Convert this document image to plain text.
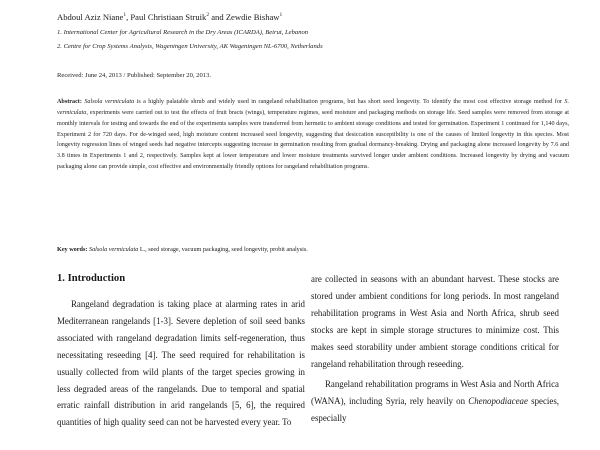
Abdoul Aziz Niane$^1$, Paul Christiaan Struik$^2$ and Zewdie Bishaw$^1$
1. International Center for Agricultural Research in the Dry Areas (ICARDA), Beirut, Lebanon
2. Centre for Crop Systems Analysis, Wageningen University, AK Wageningen NL-6700, Netherlands
Received: June 24, 2013 / Published: September 20, 2013.
Abstract: Salsola vermiculata is a highly palatable shrub and widely used in rangeland rehabilitation programs, but has short seed longevity. To identify the most cost effective storage method for S. vermiculata, experiments were carried out to test the effects of fruit bracts (wings), temperature regimes, seed moisture and packaging methods on storage life. Seed samples were removed from storage at monthly intervals for testing and towards the end of the experiments samples were transferred from hermetic to ambient storage conditions and tested for germination. Experiment 1 continued for 1,140 days, Experiment 2 for 720 days. For de-winged seed, high moisture content increased seed longevity, suggesting that desiccation susceptibility is one of the causes of limited longevity in this species. Most longevity regression lines of winged seeds had negative intercepts suggesting increase in germination resulting from gradual dormancy-breaking. Drying and packaging alone increased longevity by 7.6 and 3.8 times in Experiments 1 and 2, respectively. Samples kept at lower temperature and lower moisture treatments survived longer under ambient conditions. Increased longevity by drying and vacuum packaging alone can provide simple, cost effective and environmentally friendly options for rangeland rehabilitation programs.
Key words: Salsola vermiculata L., seed storage, vacuum packaging, seed longevity, probit analysis.
1. Introduction

Rangeland degradation is taking place at alarming rates in arid Mediterranean rangelands [1-3]. Severe depletion of soil seed banks associated with rangeland degradation limits self-regeneration, thus necessitating reseeding [4]. The seed required for rehabilitation is usually collected from wild plants of the target species growing in less degraded areas of the rangelands. Due to temporal and spatial erratic rainfall distribution in arid rangelands [5, 6], the required quantities of high quality seed can not be harvested every year. To

are collected in seasons with an abundant harvest. These stocks are stored under ambient conditions for long periods. In most rangeland rehabilitation programs in West Asia and North Africa, shrub seed stocks are kept in simple storage structures to minimize cost. This makes seed storability under ambient storage conditions critical for rangeland rehabilitation through reseeding.

Rangeland rehabilitation programs in West Asia and North Africa (WANA), including Syria, rely heavily on Chenopodiaceae species, especially
